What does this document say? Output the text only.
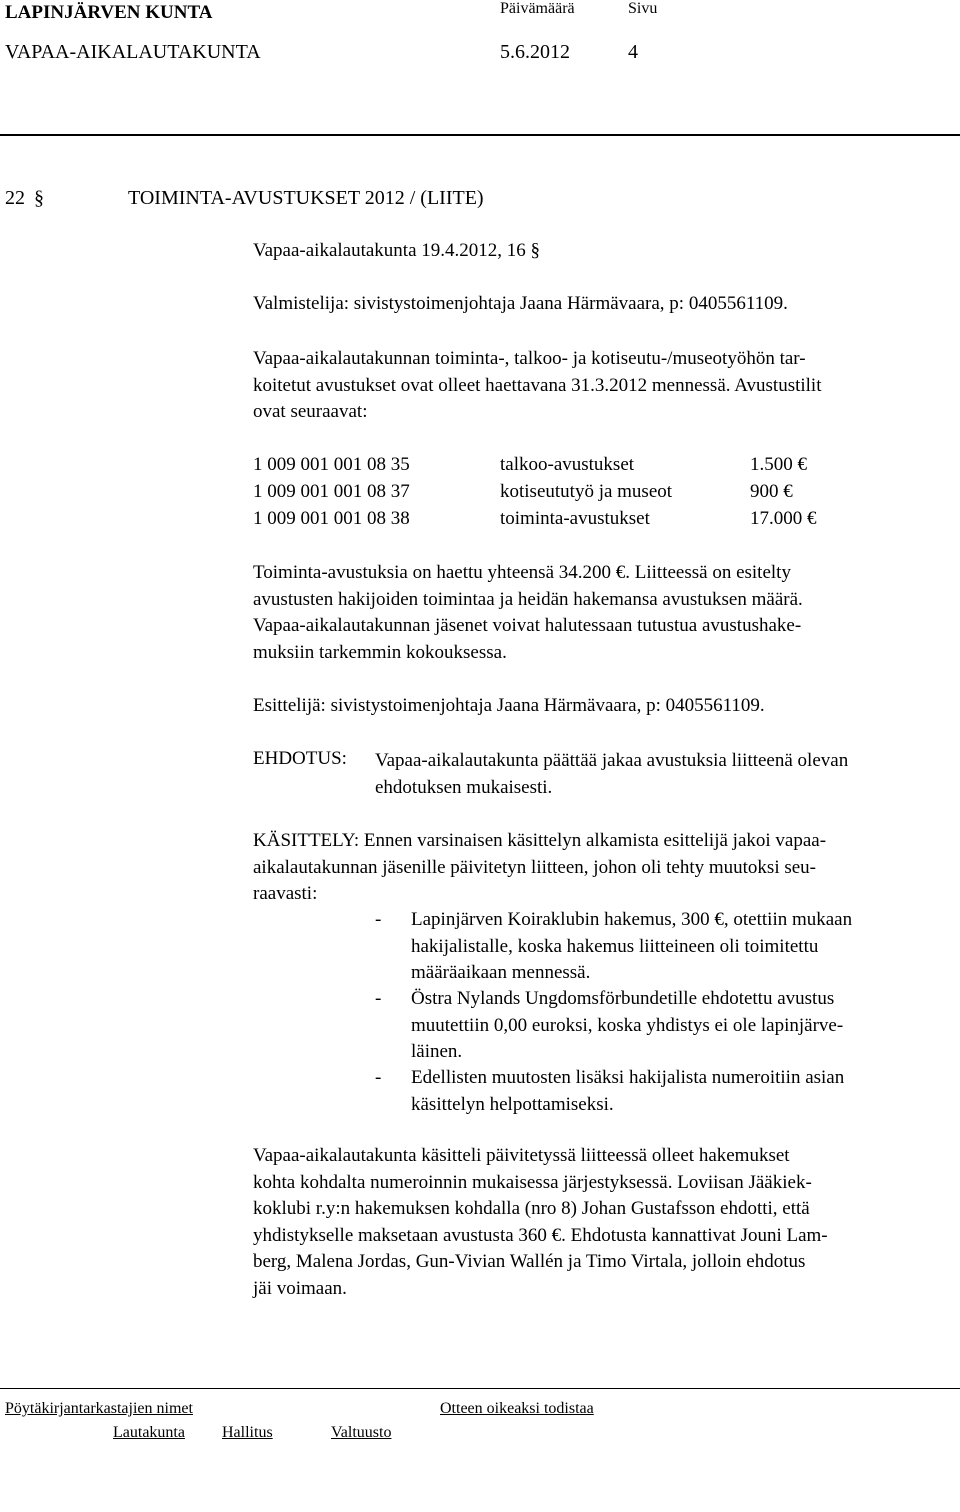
LAPINJÄRVEN KUNTA	Päivämäärä	Sivu
VAPAA-AIKALAUTAKUNTA	5.6.2012	4
22 §	TOIMINTA-AVUSTUKSET 2012 / (LIITE)
Vapaa-aikalautakunta 19.4.2012, 16 §
Valmistelija: sivistystoimenjohtaja Jaana Härmävaara, p: 0405561109.
Vapaa-aikalautakunnan toiminta-, talkoo- ja kotiseutu-/museotyöhön tar-
koitetut avustukset ovat olleet haettavana 31.3.2012 mennessä. Avustustilit
ovat seuraavat:
1 009 001 001 08 35	talkoo-avustukset	1.500 €
1 009 001 001 08 37	kotiseututyö ja museot	900 €
1 009 001 001 08 38	toiminta-avustukset	17.000 €
Toiminta-avustuksia on haettu yhteensä 34.200 €. Liitteessä on esitelty
avustusten hakijoiden toimintaa ja heidän hakemansa avustuksen määrä.
Vapaa-aikalautakunnan jäsenet voivat halutessaan tutustua avustushake-
muksiin tarkemmin kokouksessa.
Esittelijä: sivistystoimenjohtaja Jaana Härmävaara, p: 0405561109.
EHDOTUS: Vapaa-aikalautakunta päättää jakaa avustuksia liitteenä olevan
ehdotuksen mukaisesti.
KÄSITTELY: Ennen varsinaisen käsittelyn alkamista esittelijä jakoi vapaa-
aikalautakunnan jäsenille päivitetyn liitteen, johon oli tehty muutoksi seu-
raavasti:
- Lapinjärven Koiraklubin hakemus, 300 €, otettiin mukaan
hakijalistalle, koska hakemus liitteineen oli toimitettu
määräaikaan mennessä.
- Östra Nylands Ungdomsförbundetille ehdotettu avustus
muutettiin 0,00 euroksi, koska yhdistys ei ole lapinjärve-
läinen.
- Edellisten muutosten lisäksi hakijalista numeroitiin asian
käsittelyn helpottamiseksi.
Vapaa-aikalautakunta käsitteli päivitetyssä liitteessä olleet hakemukset
kohta kohdalta numeroinnin mukaisessa järjestyksessä. Loviisan Jääkiek-
koklubi r.y:n hakemuksen kohdalla (nro 8) Johan Gustafsson ehdotti, että
yhdistykselle maksetaan avustusta 360 €. Ehdotusta kannattivat Jouni Lam-
berg, Malena Jordas, Gun-Vivian Wallén ja Timo Virtala, jolloin ehdotus
jäi voimaan.
Pöytäkirjantarkastajien nimet	Otteen oikeaksi todistaa
Lautakunta Hallitus	Valtuusto
